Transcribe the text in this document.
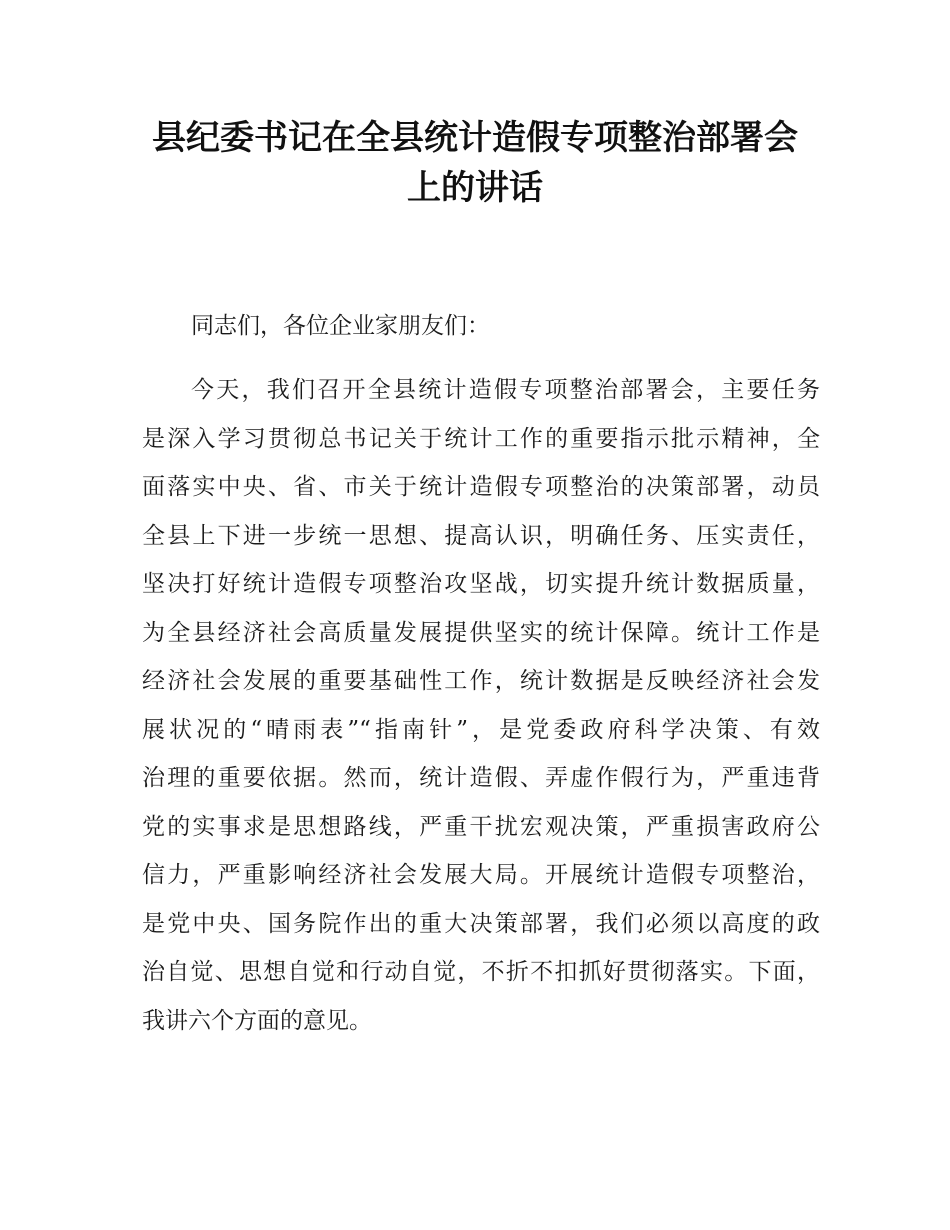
县纪委书记在全县统计造假专项整治部署会上的讲话

同志们，各位企业家朋友们：

今天，我们召开全县统计造假专项整治部署会，主要任务
是深入学习贯彻总书记关于统计工作的重要指示批示精神，全
面落实中央、省、市关于统计造假专项整治的决策部署，动员
全县上下进一步统一思想、提高认识，明确任务、压实责任，
坚决打好统计造假专项整治攻坚战，切实提升统计数据质量，
为全县经济社会高质量发展提供坚实的统计保障。统计工作是
经济社会发展的重要基础性工作，统计数据是反映经济社会发
展状况的“晴雨表”“指南针”，是党委政府科学决策、有效
治理的重要依据。然而，统计造假、弄虚作假行为，严重违背
党的实事求是思想路线，严重干扰宏观决策，严重损害政府公
信力，严重影响经济社会发展大局。开展统计造假专项整治，
是党中央、国务院作出的重大决策部署，我们必须以高度的政
治自觉、思想自觉和行动自觉，不折不扣抓好贯彻落实。下面，
我讲六个方面的意见。
